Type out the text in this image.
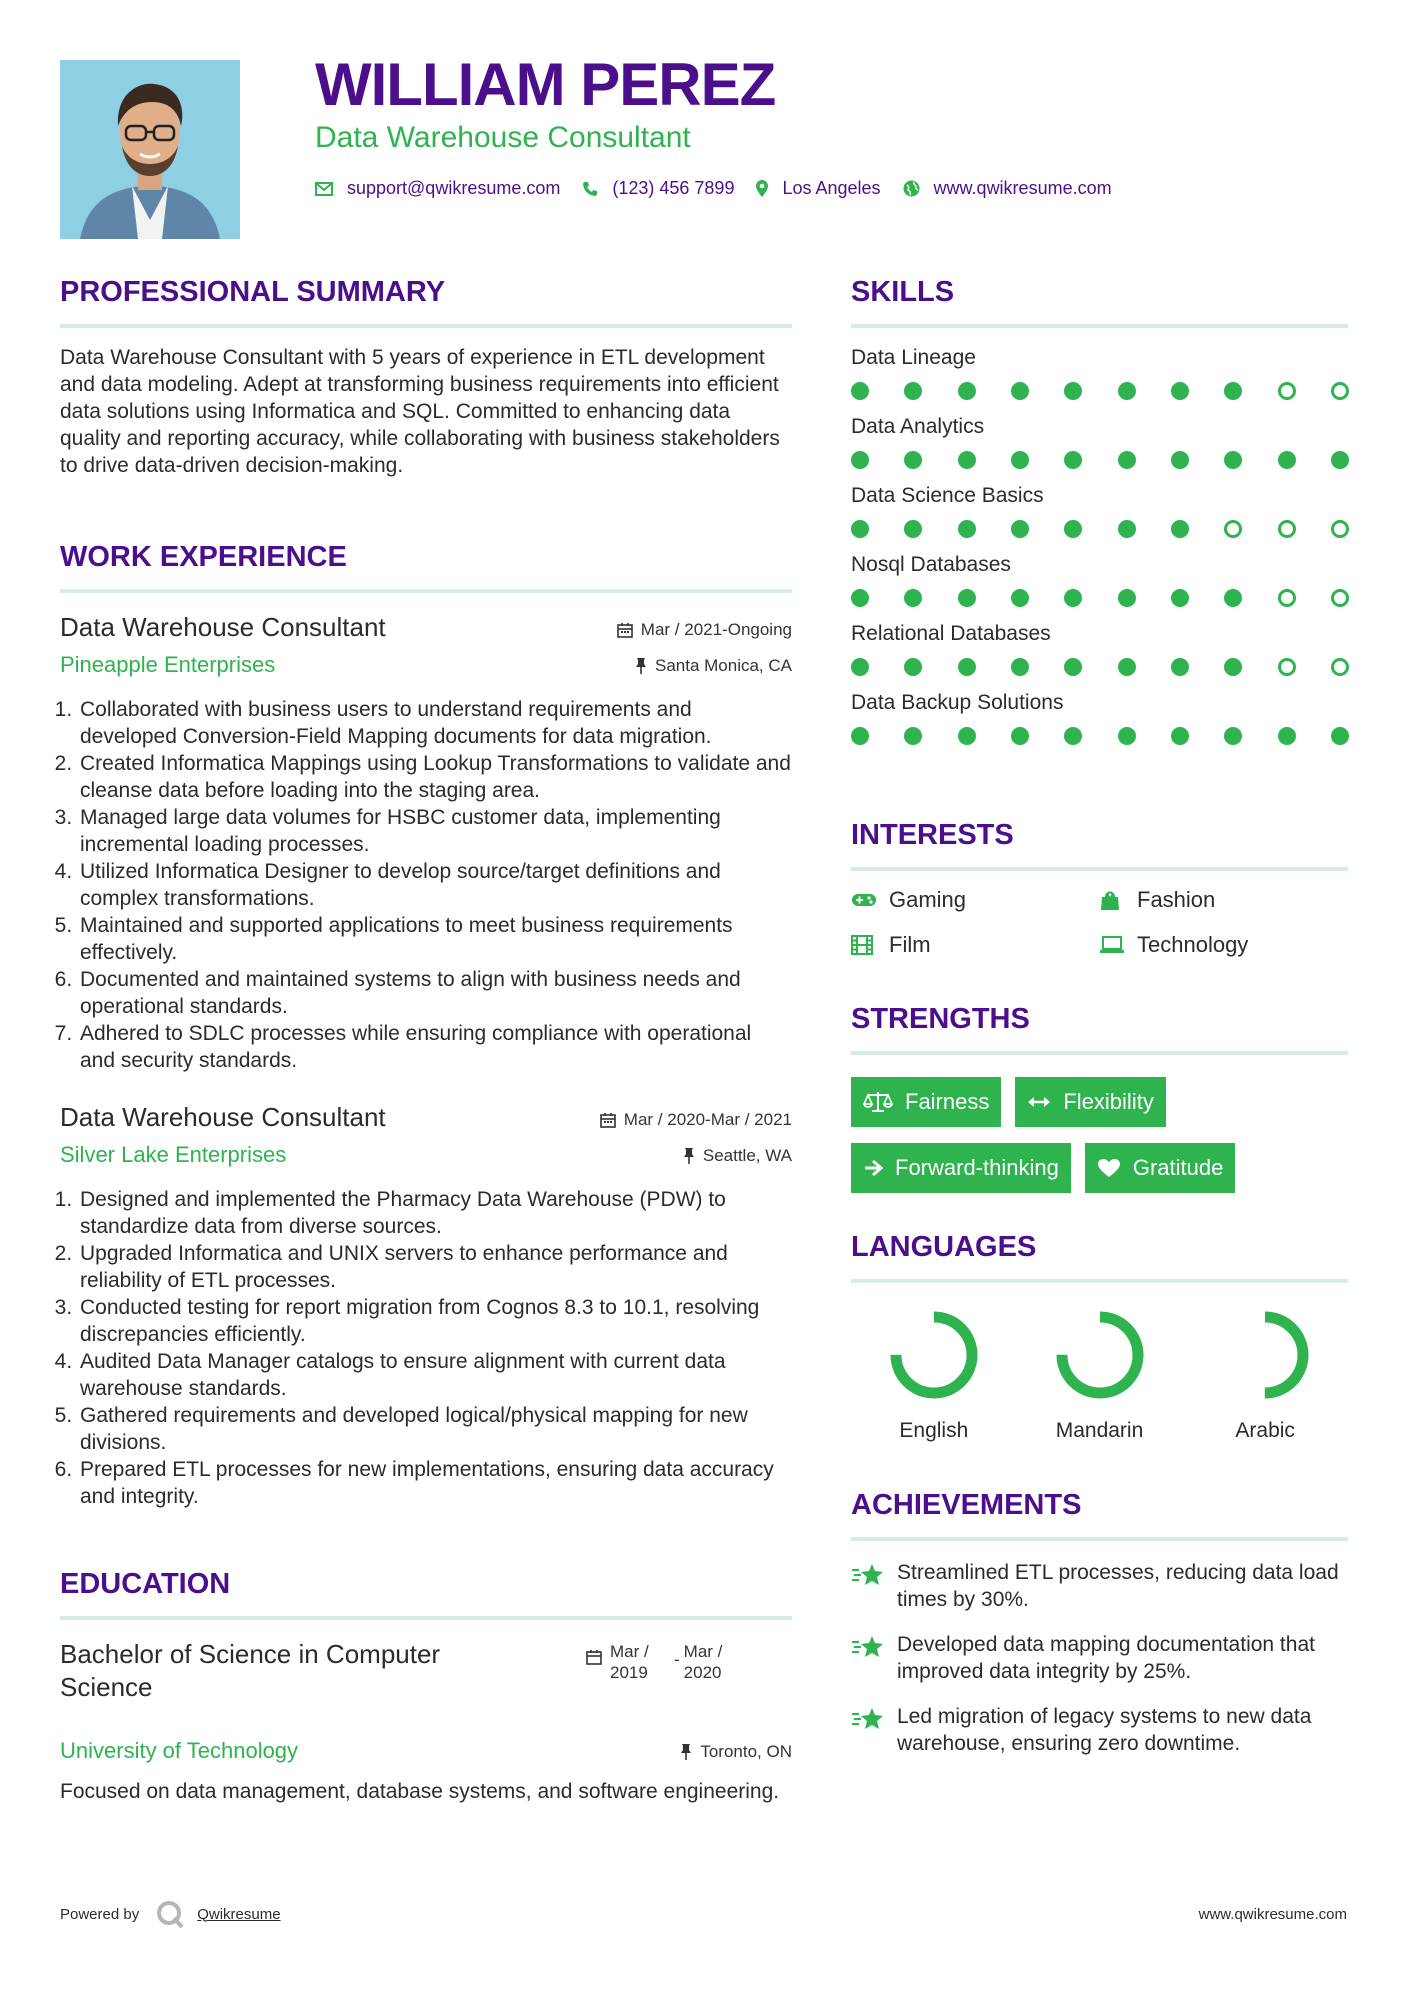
WILLIAM PEREZ
Data Warehouse Consultant
support@qwikresume.com	(123) 456 7899	Los Angeles	www.qwikresume.com
PROFESSIONAL SUMMARY

Data Warehouse Consultant with 5 years of experience in ETL development and data modeling. Adept at transforming business requirements into efficient data solutions using Informatica and SQL. Committed to enhancing data quality and reporting accuracy, while collaborating with business stakeholders to drive data-driven decision-making.

WORK EXPERIENCE
Data Warehouse Consultant	Mar / 2021-Ongoing
Pineapple Enterprises	Santa Monica, CA
1. Collaborated with business users to understand requirements and developed Conversion-Field Mapping documents for data migration.
2. Created Informatica Mappings using Lookup Transformations to validate and cleanse data before loading into the staging area.
3. Managed large data volumes for HSBC customer data, implementing incremental loading processes.
4. Utilized Informatica Designer to develop source/target definitions and complex transformations.
5. Maintained and supported applications to meet business requirements effectively.
6. Documented and maintained systems to align with business needs and operational standards.
7. Adhered to SDLC processes while ensuring compliance with operational and security standards.
Data Warehouse Consultant	Mar / 2020-Mar / 2021
Silver Lake Enterprises	Seattle, WA
1. Designed and implemented the Pharmacy Data Warehouse (PDW) to standardize data from diverse sources.
2. Upgraded Informatica and UNIX servers to enhance performance and reliability of ETL processes.
3. Conducted testing for report migration from Cognos 8.3 to 10.1, resolving discrepancies efficiently.
4. Audited Data Manager catalogs to ensure alignment with current data warehouse standards.
5. Gathered requirements and developed logical/physical mapping for new divisions.
6. Prepared ETL processes for new implementations, ensuring data accuracy and integrity.
EDUCATION
Bachelor of Science in Computer Science
Mar / 2019
- Mar / 2020
University of Technology	Toronto, ON

Focused on data management, database systems, and software engineering.

SKILLS
Data Lineage
Data Analytics
Data Science Basics
Nosql Databases
Relational Databases
Data Backup Solutions
INTERESTS
Gaming	Fashion
Film	Technology
STRENGTHS
Fairness	Flexibility
Forward-thinking	Gratitude
LANGUAGES
English	Mandarin	Arabic
ACHIEVEMENTS
Streamlined ETL processes, reducing data load times by 30%.
Developed data mapping documentation that improved data integrity by 25%.
Led migration of legacy systems to new data warehouse, ensuring zero downtime.
Powered by	Qwikresume	www.qwikresume.com
